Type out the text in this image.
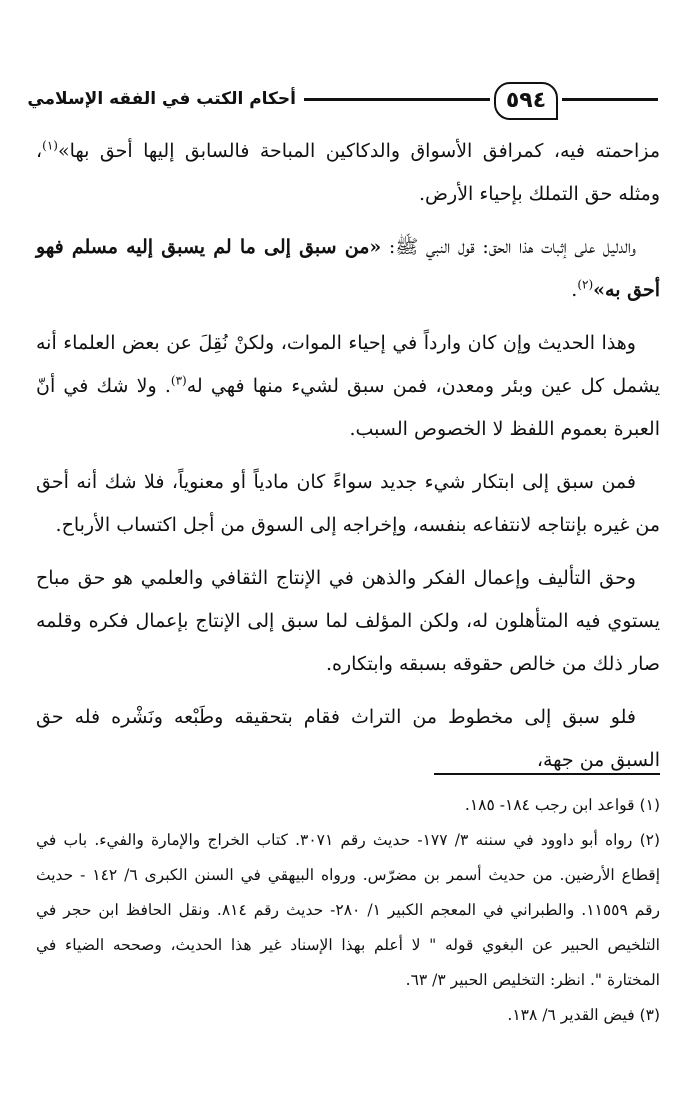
٥٩٤
أحكام الكتب في الفقه الإسلامي

مزاحمته فيه، كمرافق الأسواق والدكاكين المباحة فالسابق إليها أحق بها»$^{(١)}$، ومثله حق التملك بإحياء الأرض.

والدليل على إثبات هذا الحق: قول النبي ﷺ: «من سبق إلى ما لم يسبق إليه مسلم فهو أحق به»$^{(٢)}$.

وهذا الحديث وإن كان وارداً في إحياء الموات، ولكنْ نُقِلَ عن بعض العلماء أنه يشمل كل عين وبئر ومعدن، فمن سبق لشيء منها فهي له$^{(٣)}$. ولا شك في أنّ العبرة بعموم اللفظ لا الخصوص السبب.

فمن سبق إلى ابتكار شيء جديد سواءً كان مادياً أو معنوياً، فلا شك أنه أحق من غيره بإنتاجه لانتفاعه بنفسه، وإخراجه إلى السوق من أجل اكتساب الأرباح.

وحق التأليف وإعمال الفكر والذهن في الإنتاج الثقافي والعلمي هو حق مباح يستوي فيه المتأهلون له، ولكن المؤلف لما سبق إلى الإنتاج بإعمال فكره وقلمه صار ذلك من خالص حقوقه بسبقه وابتكاره.

فلو سبق إلى مخطوط من التراث فقام بتحقيقه وطَبْعه ونَشْره فله حق السبق من جهة،

(١) قواعد ابن رجب ١٨٤- ١٨٥.

(٢) رواه أبو داوود في سننه ٣/ ١٧٧- حديث رقم ٣٠٧١. كتاب الخراج والإمارة والفيء. باب في إقطاع الأرضين. من حديث أسمر بن مضرّس. ورواه البيهقي في السنن الكبرى ٦/ ١٤٢ - حديث رقم ١١٥٥٩. والطبراني في المعجم الكبير ١/ ٢٨٠- حديث رقم ٨١٤. ونقل الحافظ ابن حجر في التلخيص الحبير عن البغوي قوله " لا أعلم بهذا الإسناد غير هذا الحديث، وصححه الضياء في المختارة ". انظر: التخليص الحبير ٣/ ٦٣.

(٣) فيض القدير ٦/ ١٣٨.
